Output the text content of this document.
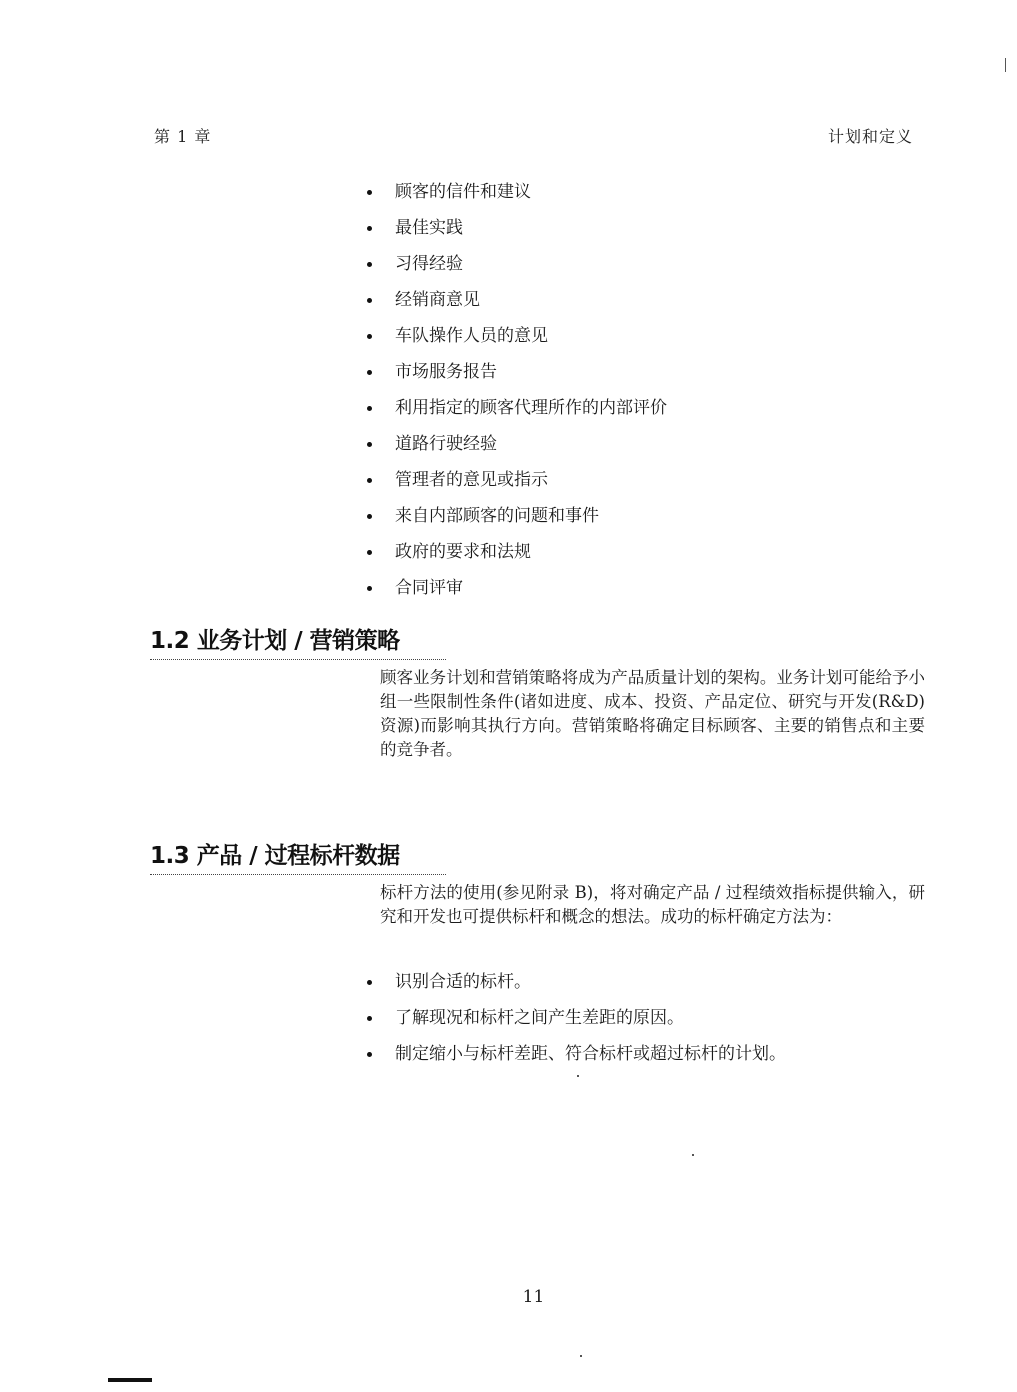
第 1 章	计划和定义
顾客的信件和建议
最佳实践
习得经验
经销商意见
车队操作人员的意见
市场服务报告
利用指定的顾客代理所作的内部评价
道路行驶经验
管理者的意见或指示
来自内部顾客的问题和事件
政府的要求和法规
合同评审
1.2 业务计划 / 营销策略

顾客业务计划和营销策略将成为产品质量计划的架构。业务计划可能给予小组一些限制性条件(诸如进度、成本、投资、产品定位、研究与开发(R&D)资源)而影响其执行方向。营销策略将确定目标顾客、主要的销售点和主要的竞争者。

1.3 产品 / 过程标杆数据

标杆方法的使用(参见附录 B)，将对确定产品 / 过程绩效指标提供输入，研究和开发也可提供标杆和概念的想法。成功的标杆确定方法为：

识别合适的标杆。
了解现况和标杆之间产生差距的原因。
制定缩小与标杆差距、符合标杆或超过标杆的计划。
11
